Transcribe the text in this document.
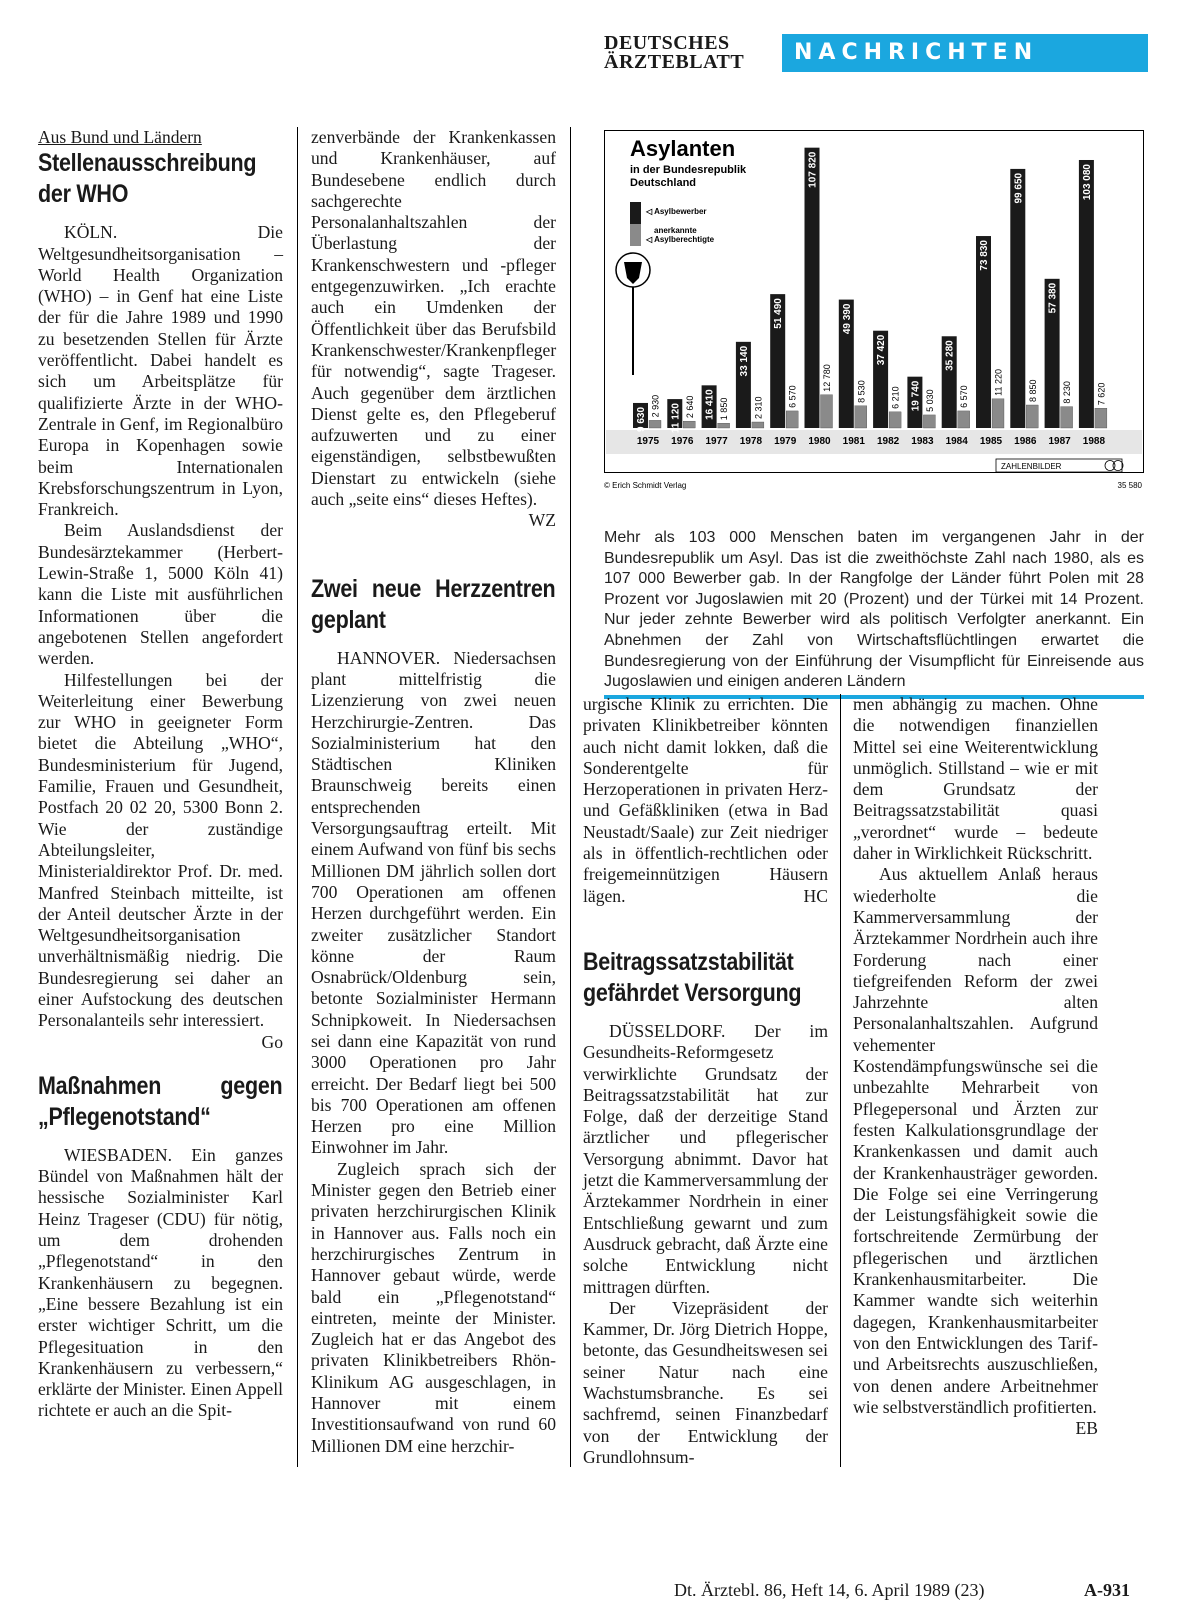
DEUTSCHES
ÄRZTEBLATT	NACHRICHTEN

Aus Bund und Ländern

Stellenausschreibung der WHO

KÖLN. Die Weltgesundheitsorganisation – World Health Organization (WHO) – in Genf hat eine Liste der für die Jahre 1989 und 1990 zu besetzenden Stellen für Ärzte veröffentlicht. Dabei handelt es sich um Arbeitsplätze für qualifizierte Ärzte in der WHO-Zentrale in Genf, im Regionalbüro Europa in Kopenhagen sowie beim Internationalen Krebsforschungszentrum in Lyon, Frankreich.

Beim Auslandsdienst der Bundesärztekammer (Herbert-Lewin-Straße 1, 5000 Köln 41) kann die Liste mit ausführlichen Informationen über die angebotenen Stellen angefordert werden.

Hilfestellungen bei der Weiterleitung einer Bewerbung zur WHO in geeigneter Form bietet die Abteilung „WHO“, Bundesministerium für Jugend, Familie, Frauen und Gesundheit, Postfach 20 02 20, 5300 Bonn 2. Wie der zuständige Abteilungsleiter, Ministerialdirektor Prof. Dr. med. Manfred Steinbach mitteilte, ist der Anteil deutscher Ärzte in der Weltgesundheitsorganisation unverhältnismäßig niedrig. Die Bundesregierung sei daher an einer Aufstockung des deutschen Personalanteils sehr interessiert.
Go

Maßnahmen gegen „Pflegenotstand“

WIESBADEN. Ein ganzes Bündel von Maßnahmen hält der hessische Sozialminister Karl Heinz Trageser (CDU) für nötig, um dem drohenden „Pflegenotstand“ in den Krankenhäusern zu begegnen. „Eine bessere Bezahlung ist ein erster wichtiger Schritt, um die Pflegesituation in den Krankenhäusern zu verbessern,“ erklärte der Minister. Einen Appell richtete er auch an die Spit-

zenverbände der Krankenkassen und Krankenhäuser, auf Bundesebene endlich durch sachgerechte Personalanhaltszahlen der Überlastung der Krankenschwestern und -pfleger entgegenzuwirken. „Ich erachte auch ein Umdenken der Öffentlichkeit über das Berufsbild Krankenschwester/Krankenpfleger für notwendig“, sagte Trageser. Auch gegenüber dem ärztlichen Dienst gelte es, den Pflegeberuf aufzuwerten und zu einer eigenständigen, selbstbewußten Dienstart zu entwickeln (siehe auch „seite eins“ dieses Heftes).
WZ

Zwei neue Herzzentren geplant

HANNOVER. Niedersachsen plant mittelfristig die Lizenzierung von zwei neuen Herzchirurgie-Zentren. Das Sozialministerium hat den Städtischen Kliniken Braunschweig bereits einen entsprechenden Versorgungsauftrag erteilt. Mit einem Aufwand von fünf bis sechs Millionen DM jährlich sollen dort 700 Operationen am offenen Herzen durchgeführt werden. Ein zweiter zusätzlicher Standort könne der Raum Osnabrück/Oldenburg sein, betonte Sozialminister Hermann Schnipkoweit. In Niedersachsen sei dann eine Kapazität von rund 3000 Operationen pro Jahr erreicht. Der Bedarf liegt bei 500 bis 700 Operationen am offenen Herzen pro eine Million Einwohner im Jahr.

Zugleich sprach sich der Minister gegen den Betrieb einer privaten herzchirurgischen Klinik in Hannover aus. Falls noch ein herzchirurgisches Zentrum in Hannover gebaut würde, werde bald ein „Pflegenotstand“ eintreten, meinte der Minister. Zugleich hat er das Angebot des privaten Klinikbetreibers Rhön-Klinikum AG ausgeschlagen, in Hannover mit einem Investitionsaufwand von rund 60 Millionen DM eine herzchir-

Asylanten
in der Bundesrepublik
Deutschland
◁ Asylbewerber
anerkannte
◁ Asylberechtigte
9 630
2 930
1975
11 120 2 640
1976
16 410 1 850
1977
33 140
2 310
1978
51 490
6 570
1979
107 820
12 780
1980
49 390
8 530
1981
37 420
6 210
1982
19 740 5 030
1983
35 280
6 570
1984
73 830
11 220
1985
99 650
8 850
1986
57 380
8 230
1987
103 080
7 620
1988
ZAHLENBILDER
© Erich Schmidt Verlag	35 580
Mehr als 103 000 Menschen baten im vergangenen Jahr in der Bundesrepublik um Asyl. Das ist die zweithöchste Zahl nach 1980, als es 107 000 Bewerber gab. In der Rangfolge der Länder führt Polen mit 28 Prozent vor Jugoslawien mit 20 (Prozent) und der Türkei mit 14 Prozent. Nur jeder zehnte Bewerber wird als politisch Verfolgter anerkannt. Ein Abnehmen der Zahl von Wirtschaftsflüchtlingen erwartet die Bundesregierung von der Einführung der Visumpflicht für Einreisende aus Jugoslawien und einigen anderen Ländern

urgische Klinik zu errichten. Die privaten Klinikbetreiber könnten auch nicht damit lokken, daß die Sonderentgelte für Herzoperationen in privaten Herz- und Gefäßkliniken (etwa in Bad Neustadt/Saale) zur Zeit niedriger als in öffentlich-rechtlichen oder freigemeinnützigen Häusern lägen.	HC

Beitragssatzstabilität gefährdet Versorgung

DÜSSELDORF. Der im Gesundheits-Reformgesetz verwirklichte Grundsatz der Beitragssatzstabilität hat zur Folge, daß der derzeitige Stand ärztlicher und pflegerischer Versorgung abnimmt. Davor hat jetzt die Kammerversammlung der Ärztekammer Nordrhein in einer Entschließung gewarnt und zum Ausdruck gebracht, daß Ärzte eine solche Entwicklung nicht mittragen dürften.

Der Vizepräsident der Kammer, Dr. Jörg Dietrich Hoppe, betonte, das Gesundheitswesen sei seiner Natur nach eine Wachstumsbranche. Es sei sachfremd, seinen Finanzbedarf von der Entwicklung der Grundlohnsum-

men abhängig zu machen. Ohne die notwendigen finanziellen Mittel sei eine Weiterentwicklung unmöglich. Stillstand – wie er mit dem Grundsatz der Beitragssatzstabilität quasi „verordnet“ wurde – bedeute daher in Wirklichkeit Rückschritt.

Aus aktuellem Anlaß heraus wiederholte die Kammerversammlung der Ärztekammer Nordrhein auch ihre Forderung nach einer tiefgreifenden Reform der zwei Jahrzehnte alten Personalanhaltszahlen. Aufgrund vehementer Kostendämpfungswünsche sei die unbezahlte Mehrarbeit von Pflegepersonal und Ärzten zur festen Kalkulationsgrundlage der Krankenkassen und damit auch der Krankenhausträger geworden. Die Folge sei eine Verringerung der Leistungsfähigkeit sowie die fortschreitende Zermürbung der pflegerischen und ärztlichen Krankenhausmitarbeiter. Die Kammer wandte sich weiterhin dagegen, Krankenhausmitarbeiter von den Entwicklungen des Tarif- und Arbeitsrechts auszuschließen, von denen andere Arbeitnehmer wie selbstverständlich profitierten.
EB

Dt. Ärztebl. 86, Heft 14, 6. April 1989 (23)	A-931
